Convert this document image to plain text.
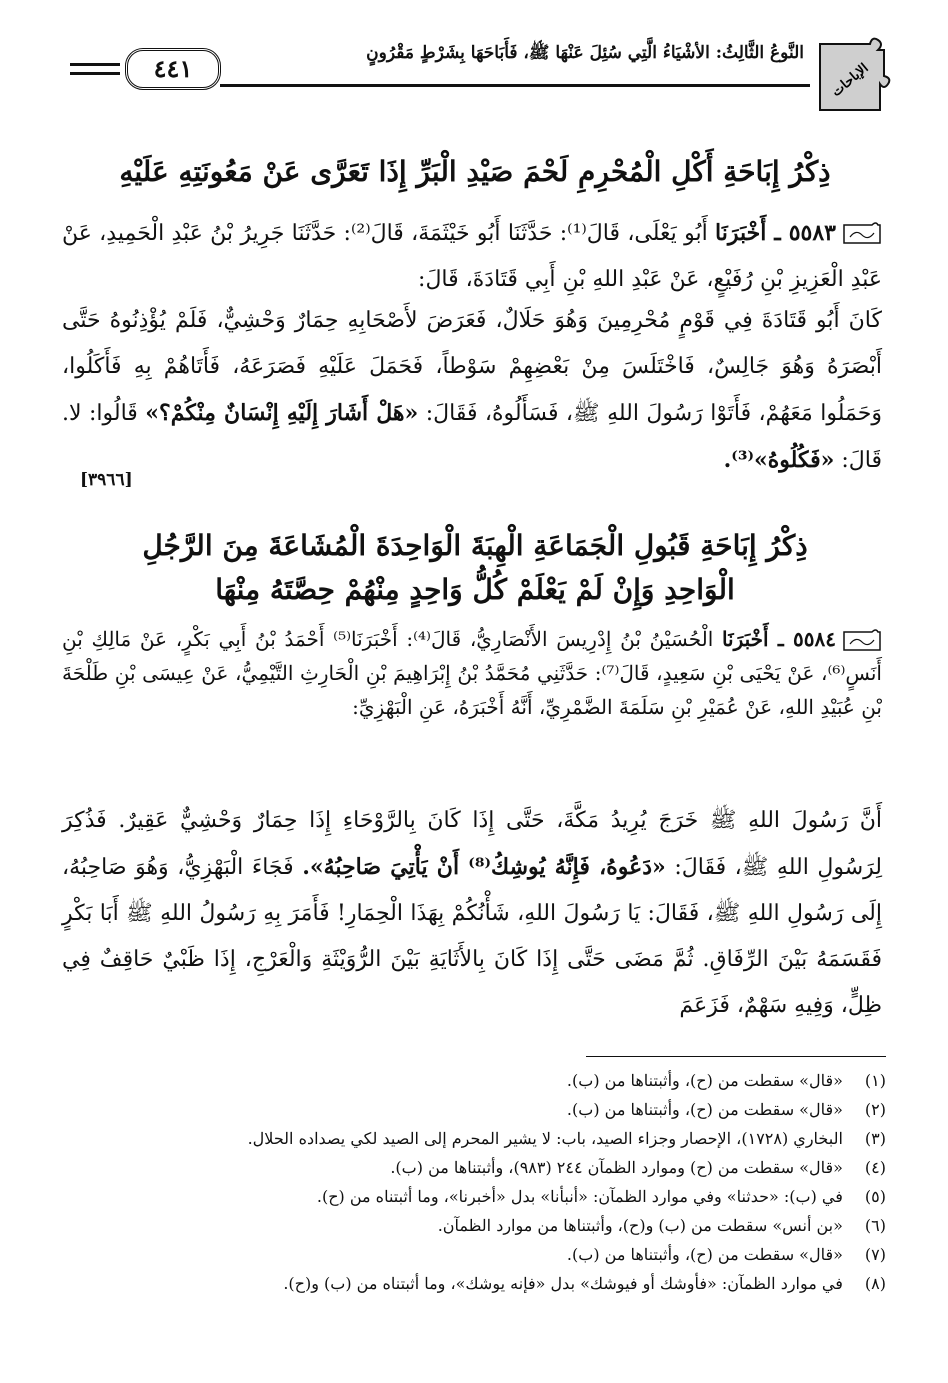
الإباحات
النَّوعُ الثَّالِثُ: الأشْيَاءُ الَّتِي سُئِلَ عَنْهَا ﷺ، فَأَبَاحَهَا بِشَرْطٍ مَقْرُونٍ
٤٤١
ذِكْرُ إِبَاحَةِ أَكْلِ الْمُحْرِمِ لَحْمَ صَيْدِ الْبَرِّ إِذَا تَعَرَّى عَنْ مَعُونَتِهِ عَلَيْهِ
٥٥٨٣ ـ أَخْبَرَنَا أَبُو يَعْلَى، قَالَ⁽¹⁾: حَدَّثَنَا أَبُو خَيْثَمَةَ، قَالَ⁽²⁾: حَدَّثَنَا جَرِيرُ بْنُ عَبْدِ الْحَمِيدِ، عَنْ عَبْدِ الْعَزِيزِ بْنِ رُفَيْعٍ، عَنْ عَبْدِ اللهِ بْنِ أَبِي قَتَادَةَ، قَالَ:
كَانَ أَبُو قَتَادَةَ فِي قَوْمٍ مُحْرِمِينَ وَهُوَ حَلَالٌ، فَعَرَضَ لأَصْحَابِهِ حِمَارٌ وَحْشِيٌّ، فَلَمْ يُؤْذِنُوهُ حَتَّى أَبْصَرَهُ وَهُوَ جَالِسٌ، فَاخْتَلَسَ مِنْ بَعْضِهِمْ سَوْطاً، فَحَمَلَ عَلَيْهِ فَصَرَعَهُ، فَأَتَاهُمْ بِهِ فَأَكَلُوا، وَحَمَلُوا مَعَهُمْ، فَأَتَوْا رَسُولَ اللهِ ﷺ، فَسَأَلُوهُ، فَقَالَ: «هَلْ أَشَارَ إِلَيْهِ إِنْسَانٌ مِنْكُمْ؟» قَالُوا: لا. قَالَ: «فَكُلُوهُ»⁽³⁾.
[٣٩٦٦]
ذِكْرُ إِبَاحَةِ قَبُولِ الْجَمَاعَةِ الْهِبَةَ الْوَاحِدَةَ الْمُشَاعَةَ مِنَ الرَّجُلِ
الْوَاحِدِ وَإِنْ لَمْ يَعْلَمْ كُلُّ وَاحِدٍ مِنْهُمْ حِصَّتَهُ مِنْهَا
٥٥٨٤ ـ أَخْبَرَنَا الْحُسَيْنُ بْنُ إِدْرِيسَ الأَنْصَارِيُّ، قَالَ⁽⁴⁾: أَخْبَرَنَا⁽⁵⁾ أَحْمَدُ بْنُ أَبِي بَكْرٍ، عَنْ مَالِكِ بْنِ أَنَسٍ⁽⁶⁾، عَنْ يَحْيَى بْنِ سَعِيدٍ، قَالَ⁽⁷⁾: حَدَّثَنِي مُحَمَّدُ بْنُ إِبْرَاهِيمَ بْنِ الْحَارِثِ التَّيْمِيُّ، عَنْ عِيسَى بْنِ طَلْحَةَ بْنِ عُبَيْدِ اللهِ، عَنْ عُمَيْرِ بْنِ سَلَمَةَ الضَّمْرِيِّ، أَنَّهُ أَخْبَرَهُ، عَنِ الْبَهْزِيِّ:
أَنَّ رَسُولَ اللهِ ﷺ خَرَجَ يُرِيدُ مَكَّةَ، حَتَّى إِذَا كَانَ بِالرَّوْحَاءِ إِذَا حِمَارٌ وَحْشِيٌّ عَقِيرٌ. فَذُكِرَ لِرَسُولِ اللهِ ﷺ، فَقَالَ: «دَعُوهُ، فَإِنَّهُ يُوشِكُ⁽⁸⁾ أَنْ يَأْتِيَ صَاحِبُهُ». فَجَاءَ الْبَهْزِيُّ، وَهُوَ صَاحِبُهُ، إِلَى رَسُولِ اللهِ ﷺ، فَقَالَ: يَا رَسُولَ اللهِ، شَأْنُكُمْ بِهَذَا الْحِمَارِ! فَأَمَرَ بِهِ رَسُولُ اللهِ ﷺ أَبَا بَكْرٍ فَقَسَمَهُ بَيْنَ الرِّفَاقِ. ثُمَّ مَضَى حَتَّى إِذَا كَانَ بِالأَثَايَةِ بَيْنَ الرُّوَيْثَةِ وَالْعَرْجِ، إِذَا ظَبْيٌ حَاقِفٌ فِي ظِلٍّ، وَفِيهِ سَهْمٌ، فَزَعَمَ
(١) «قال» سقطت من (ح)، وأثبتناها من (ب).
(٢) «قال» سقطت من (ح)، وأثبتناها من (ب).
(٣) البخاري (١٧٢٨)، الإحصار وجزاء الصيد، باب: لا يشير المحرم إلى الصيد لكي يصداده الحلال.
(٤) «قال» سقطت من (ح) وموارد الظمآن ٢٤٤ (٩٨٣)، وأثبتناها من (ب).
(٥) في (ب): «حدثنا» وفي موارد الظمآن: «أنبأنا» بدل «أخبرنا»، وما أثبتناه من (ح).
(٦) «بن أنس» سقطت من (ب) و(ح)، وأثبتناها من موارد الظمآن.
(٧) «قال» سقطت من (ح)، وأثبتناها من (ب).
(٨) في موارد الظمآن: «فأوشك أو فيوشك» بدل «فإنه يوشك»، وما أثبتناه من (ب) و(ح).
